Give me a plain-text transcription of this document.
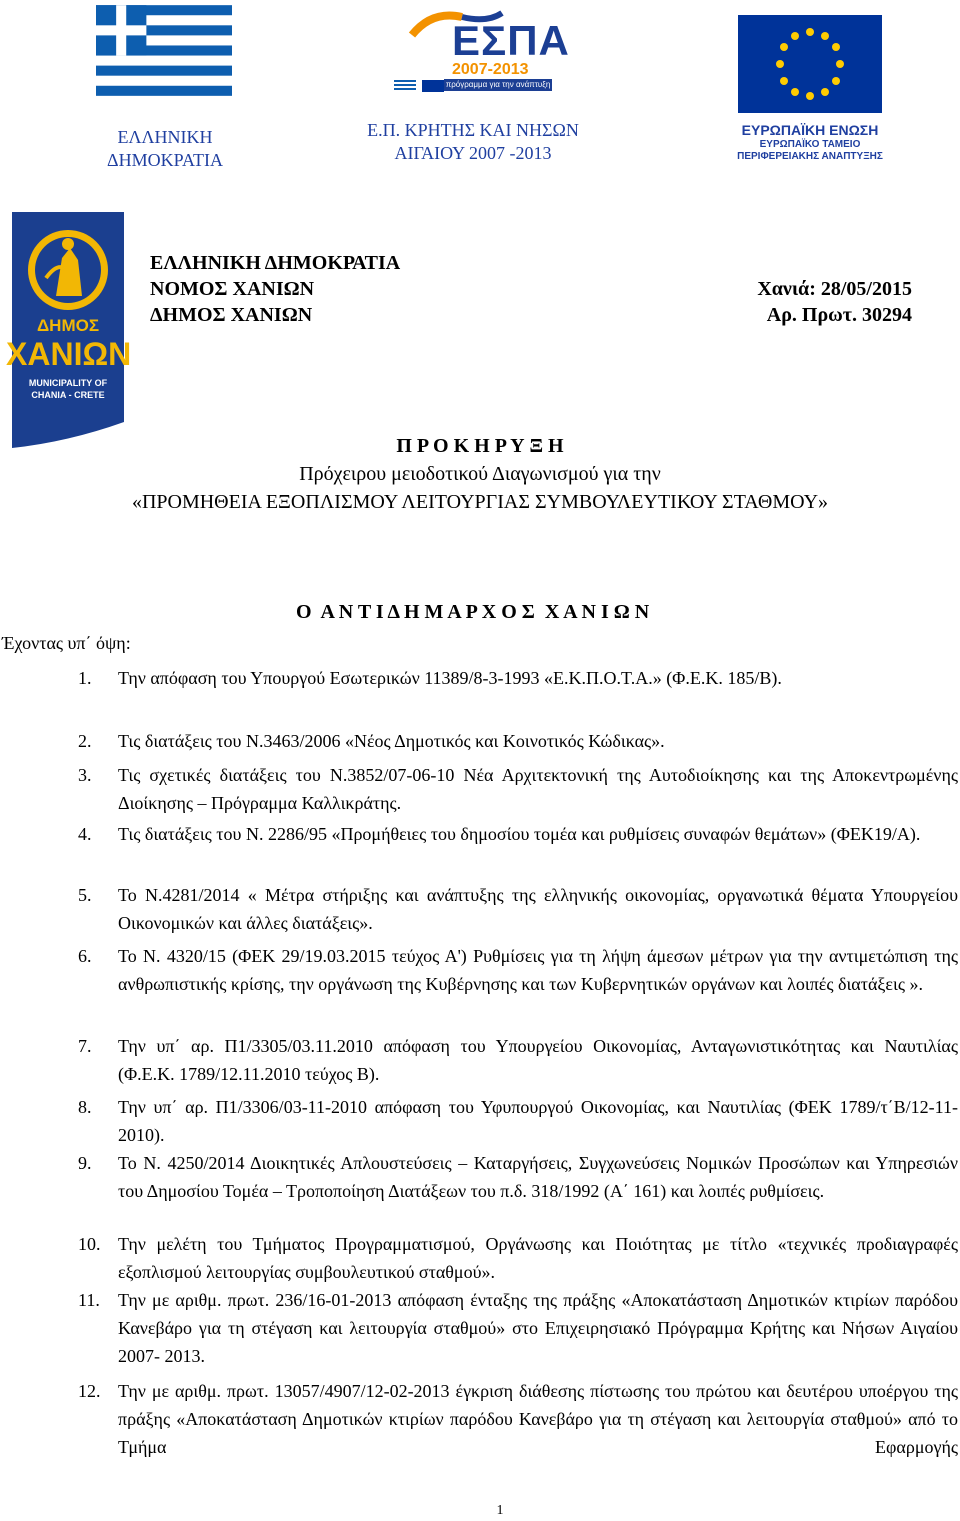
ΕΛΛΗΝΙΚΗ
ΔΗΜΟΚΡΑΤΙΑ
ΕΣΠΑ
2007-2013

πρόγραμμα για την ανάπτυξη
Ε.Π. ΚΡΗΤΗΣ ΚΑΙ ΝΗΣΩΝ
ΑΙΓΑΙΟΥ 2007 -2013
ΕΥΡΩΠΑΪΚΗ ΕΝΩΣΗ
ΕΥΡΩΠΑΪΚΟ ΤΑΜΕΙΟ
ΠΕΡΙΦΕΡΕΙΑΚΗΣ ΑΝΑΠΤΥΞΗΣ
ΔΗΜΟΣ
ΧΑΝΙΩΝ
MUNICIPALITY OF
CHANIA - CRETE
ΕΛΛΗΝΙΚΗ ΔΗΜΟΚΡΑΤΙΑ
ΝΟΜΟΣ ΧΑΝΙΩΝ
ΔΗΜΟΣ ΧΑΝΙΩΝ
Χανιά: 28/05/2015
Αρ. Πρωτ. 30294
Π Ρ Ο Κ Η Ρ Υ Ξ Η
Πρόχειρου μειοδοτικού Διαγωνισμού για την
«ΠΡΟΜΗΘΕΙΑ ΕΞΟΠΛΙΣΜΟΥ ΛΕΙΤΟΥΡΓΙΑΣ ΣΥΜΒΟΥΛΕΥΤΙΚΟΥ ΣΤΑΘΜΟΥ»
Ο  Α Ν Τ Ι Δ Η Μ Α Ρ Χ Ο Σ  Χ Α Ν Ι Ω Ν
Έχοντας υπ΄ όψη:
1.	Την απόφαση του Υπουργού Εσωτερικών 11389/8-3-1993 «Ε.Κ.Π.Ο.Τ.Α.» (Φ.Ε.Κ. 185/Β).
2.	Τις διατάξεις του Ν.3463/2006 «Νέος Δημοτικός και Κοινοτικός Κώδικας».
3.	Τις σχετικές διατάξεις του Ν.3852/07-06-10 Νέα Αρχιτεκτονική της Αυτοδιοίκησης και της Αποκεντρωμένης Διοίκησης – Πρόγραμμα Καλλικράτης.
4.	Τις διατάξεις του Ν. 2286/95 «Προμήθειες του δημοσίου τομέα και ρυθμίσεις συναφών θεμάτων» (ΦΕΚ19/Α).
5.	Το Ν.4281/2014 « Μέτρα στήριξης και ανάπτυξης της ελληνικής οικονομίας, οργανωτικά θέματα Υπουργείου Οικονομικών και άλλες διατάξεις».
6.	Το Ν. 4320/15 (ΦΕΚ 29/19.03.2015 τεύχος Α') Ρυθμίσεις για τη λήψη άμεσων μέτρων για την αντιμετώπιση της ανθρωπιστικής κρίσης, την οργάνωση της Κυβέρνησης και των Κυβερνητικών οργάνων και λοιπές διατάξεις ».
7.	Την υπ΄ αρ. Π1/3305/03.11.2010 απόφαση του Υπουργείου Οικονομίας, Ανταγωνιστικότητας και Ναυτιλίας (Φ.Ε.Κ. 1789/12.11.2010 τεύχος Β).
8.	Την υπ΄ αρ. Π1/3306/03-11-2010 απόφαση του Υφυπουργού Οικονομίας, και Ναυτιλίας (ΦΕΚ 1789/τ΄Β/12-11-2010).
9.	Το Ν. 4250/2014 Διοικητικές Απλουστεύσεις – Καταργήσεις, Συγχωνεύσεις Νομικών Προσώπων και Υπηρεσιών του Δημοσίου Τομέα – Τροποποίηση Διατάξεων του π.δ. 318/1992 (Α΄ 161) και λοιπές ρυθμίσεις.
10. Την μελέτη του Τμήματος Προγραμματισμού, Οργάνωσης και Ποιότητας με τίτλο «τεχνικές προδιαγραφές εξοπλισμού λειτουργίας συμβουλευτικού σταθμού».
11.	Την με αριθμ. πρωτ. 236/16-01-2013 απόφαση ένταξης της πράξης «Αποκατάσταση Δημοτικών κτιρίων παρόδου Κανεβάρο για τη στέγαση και λειτουργία σταθμού» στο Επιχειρησιακό Πρόγραμμα Κρήτης και Νήσων Αιγαίου 2007- 2013.
12. Την με αριθμ. πρωτ. 13057/4907/12-02-2013 έγκριση διάθεσης πίστωσης του πρώτου και δευτέρου υποέργου της πράξης «Αποκατάσταση Δημοτικών κτιρίων παρόδου Κανεβάρο για τη στέγαση και λειτουργία σταθμού» από το Τμήμα Εφαρμογής
1
